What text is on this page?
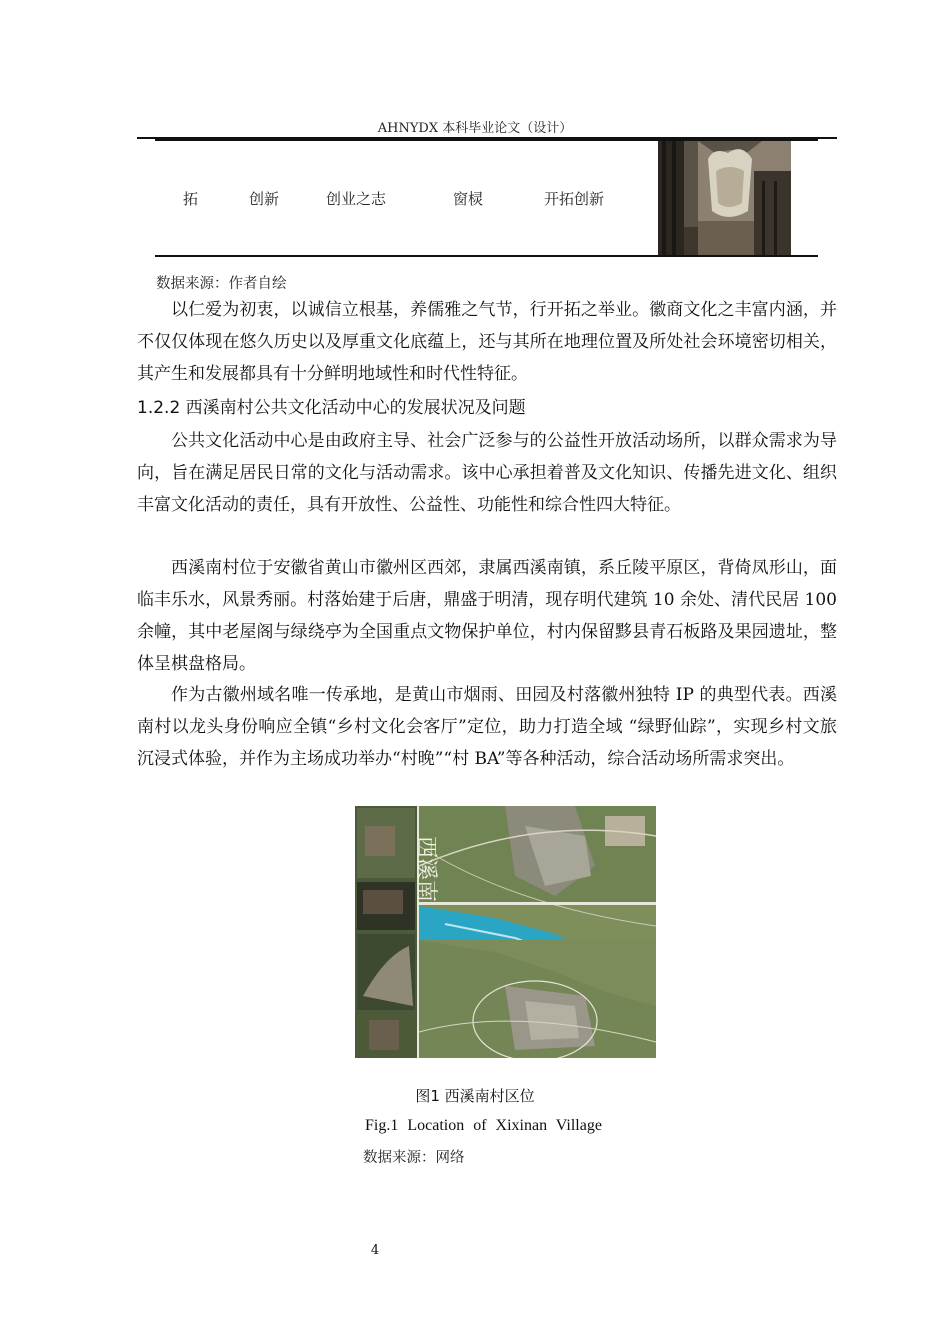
AHNYDX 本科毕业论文（设计）
拓	创新	创业之志	窗棂	开拓创新
数据来源：作者自绘
以仁爱为初衷，以诚信立根基，养儒雅之气节，行开拓之举业。徽商文化之丰富内涵，并不仅仅体现在悠久历史以及厚重文化底蕴上，还与其所在地理位置及所处社会环境密切相关，其产生和发展都具有十分鲜明地域性和时代性特征。
1.2.2 西溪南村公共文化活动中心的发展状况及问题
公共文化活动中心是由政府主导、社会广泛参与的公益性开放活动场所，以群众需求为导向，旨在满足居民日常的文化与活动需求。该中心承担着普及文化知识、传播先进文化、组织丰富文化活动的责任，具有开放性、公益性、功能性和综合性四大特征。
西溪南村位于安徽省黄山市徽州区西郊，隶属西溪南镇，系丘陵平原区，背倚凤形山，面临丰乐水，风景秀丽。村落始建于后唐，鼎盛于明清，现存明代建筑 10 余处、清代民居 100 余幢，其中老屋阁与绿绕亭为全国重点文物保护单位，村内保留黟县青石板路及果园遗址，整体呈棋盘格局。
作为古徽州域名唯一传承地，是黄山市烟雨、田园及村落徽州独特 IP 的典型代表。西溪南村以龙头身份响应全镇“乡村文化会客厅”定位，助力打造全域 “绿野仙踪”，实现乡村文旅沉浸式体验，并作为主场成功举办“村晚”“村 BA”等各种活动，综合活动场所需求突出。
西溪南
图1 西溪南村区位
Fig.1 Location of Xixinan Village
数据来源：网络
4
